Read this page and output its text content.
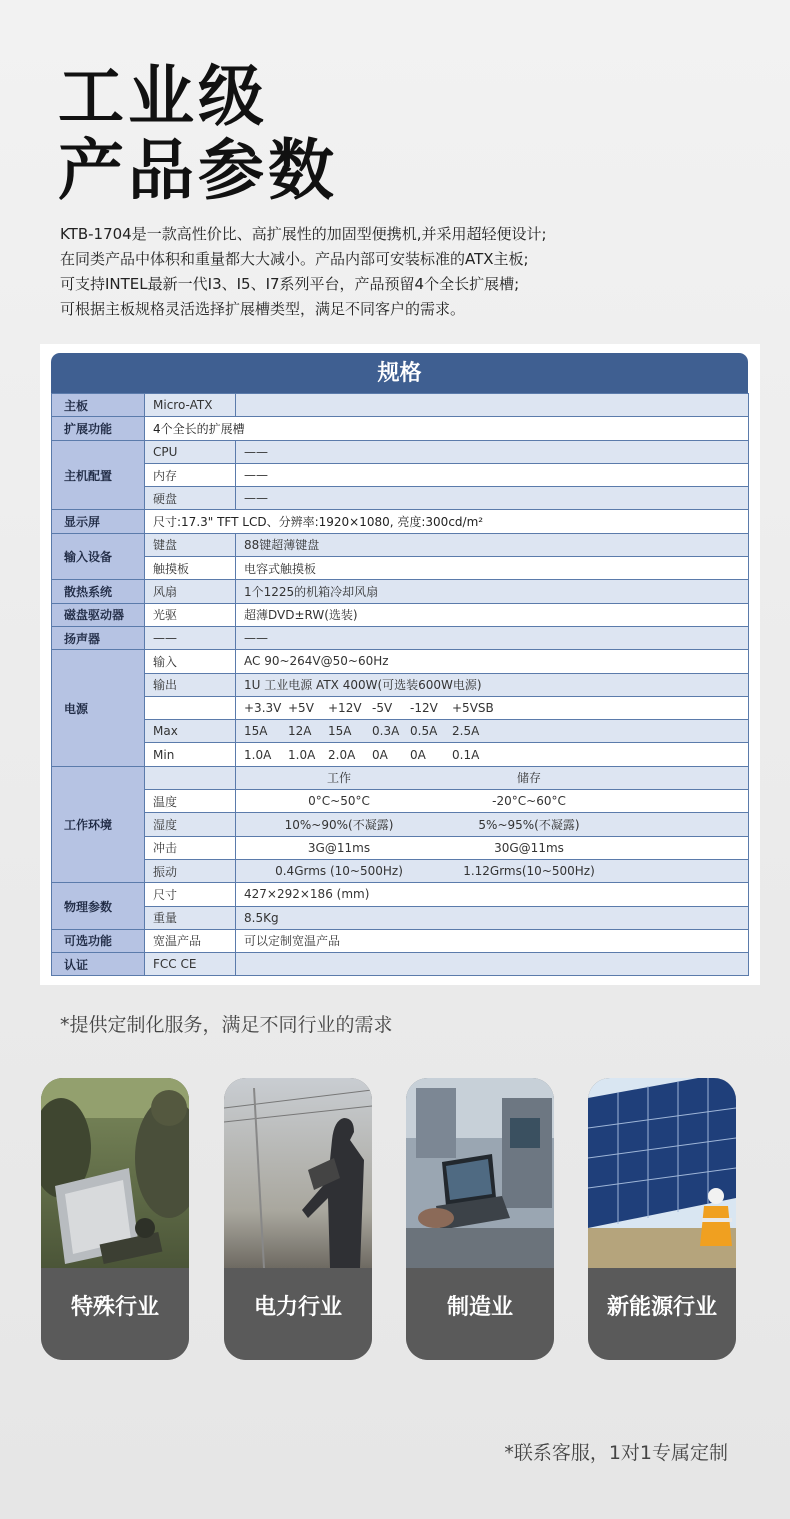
工业级
产品参数
KTB-1704是一款高性价比、高扩展性的加固型便携机,并采用超轻便设计;
在同类产品中体积和重量都大大减小。产品内部可安装标准的ATX主板;
可支持INTEL最新一代I3、I5、I7系列平台，产品预留4个全长扩展槽;
可根据主板规格灵活选择扩展槽类型，满足不同客户的需求。
规格
主板	Micro-ATX	
扩展功能	4个全长的扩展槽	
主机配置	CPU	——
	内存	——
	硬盘	——
显示屏	尺寸:17.3" TFT LCD、分辨率:1920×1080, 亮度:300cd/m²	
输入设备	键盘	88键超薄键盘
	触摸板	电容式触摸板
散热系统	风扇	1个1225的机箱冷却风扇
磁盘驱动器	光驱	超薄DVD±RW(选装)
扬声器	——	——
电源	输入	AC 90~264V@50~60Hz
	输出	1U 工业电源 ATX 400W(可选装600W电源)
		+3.3V +5V +12V -5V -12V +5VSB
	Max	15A 12A 15A 0.3A 0.5A 2.5A
	Min	1.0A 1.0A 2.0A 0A 0A 0.1A
工作环境		工作 储存
	温度	0°C~50°C -20°C~60°C
	湿度	10%~90%(不凝露) 5%~95%(不凝露)
	冲击	3G@11ms 30G@11ms
	振动	0.4Grms (10~500Hz) 1.12Grms(10~500Hz)
物理参数	尺寸	427×292×186 (mm)
	重量	8.5Kg
可选功能	宽温产品	可以定制宽温产品
认证	FCC CE	
*提供定制化服务，满足不同行业的需求
特殊行业	电力行业	制造业	新能源行业
*联系客服，1对1专属定制
